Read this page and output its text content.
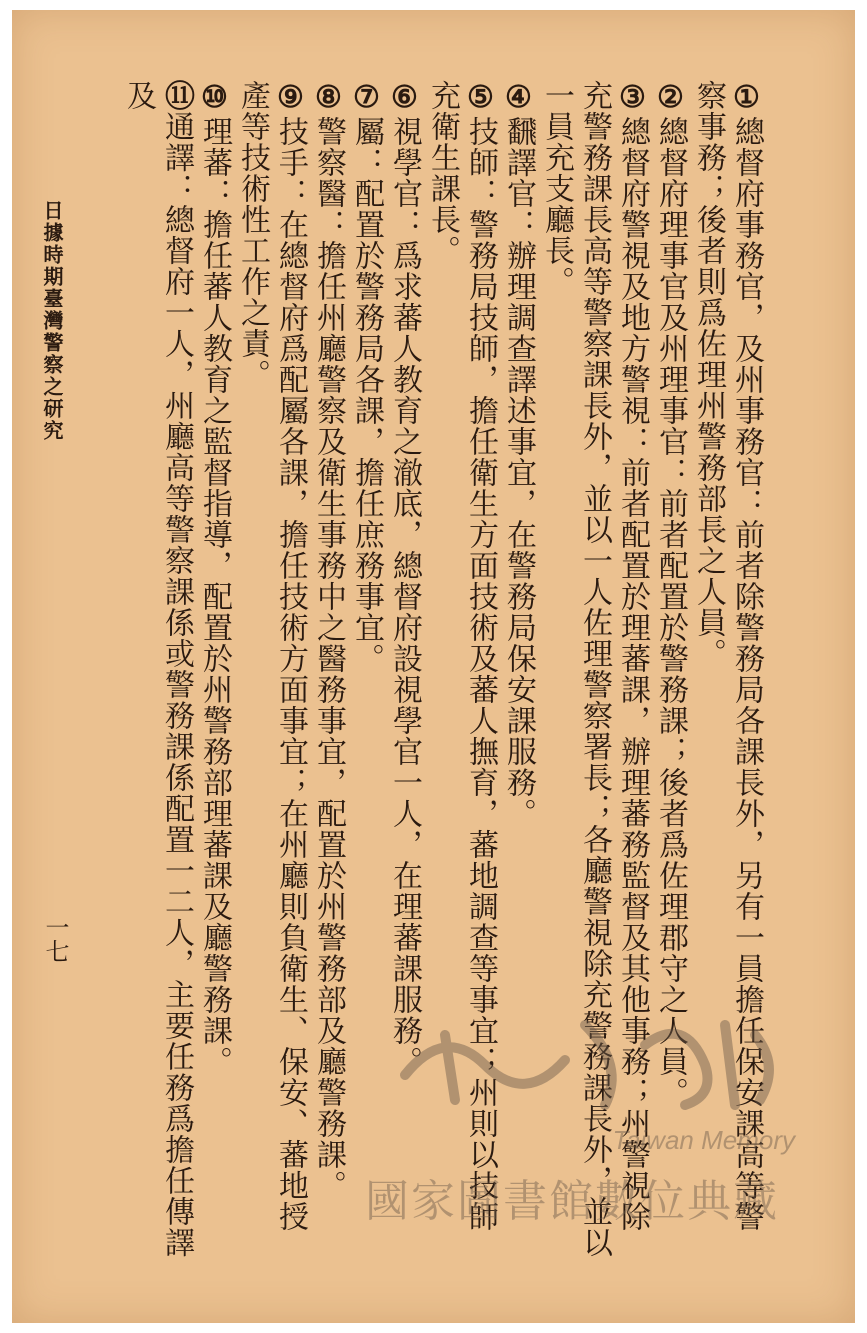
①總督府事務官，及州事務官：前者除警務局各課長外，另有一員擔任保安課高等警察事務；後者則爲佐理州警務部長之人員。

②總督府理事官及州理事官：前者配置於警務課；後者爲佐理郡守之人員。

③總督府警視及地方警視：前者配置於理蕃課，辦理蕃務監督及其他事務；州警視除充警務課長高等警察課長外，並以一人佐理警察署長；各廳警視除充警務課長外，並以一員充支廳長。

④飜譯官：辦理調查譯述事宜，在警務局保安課服務。

⑤技師：警務局技師，擔任衛生方面技術及蕃人撫育，蕃地調查等事宜；州則以技師充衛生課長。

⑥視學官：爲求蕃人教育之澈底，總督府設視學官一人，在理蕃課服務。

⑦屬：配置於警務局各課，擔任庶務事宜。

⑧警察醫：擔任州廳警察及衛生事務中之醫務事宜，配置於州警務部及廳警務課。

⑨技手：在總督府爲配屬各課，擔任技術方面事宜；在州廳則負衛生、保安、蕃地授產等技術性工作之責。

⑩理蕃：擔任蕃人教育之監督指導，配置於州警務部理蕃課及廳警務課。

⑪通譯：總督府一人，州廳高等警察課係或警務課係配置一二人，主要任務爲擔任傳譯及

日據時期臺灣警察之研究
一七
Taiwan Memory
國家圖書館數位典藏
